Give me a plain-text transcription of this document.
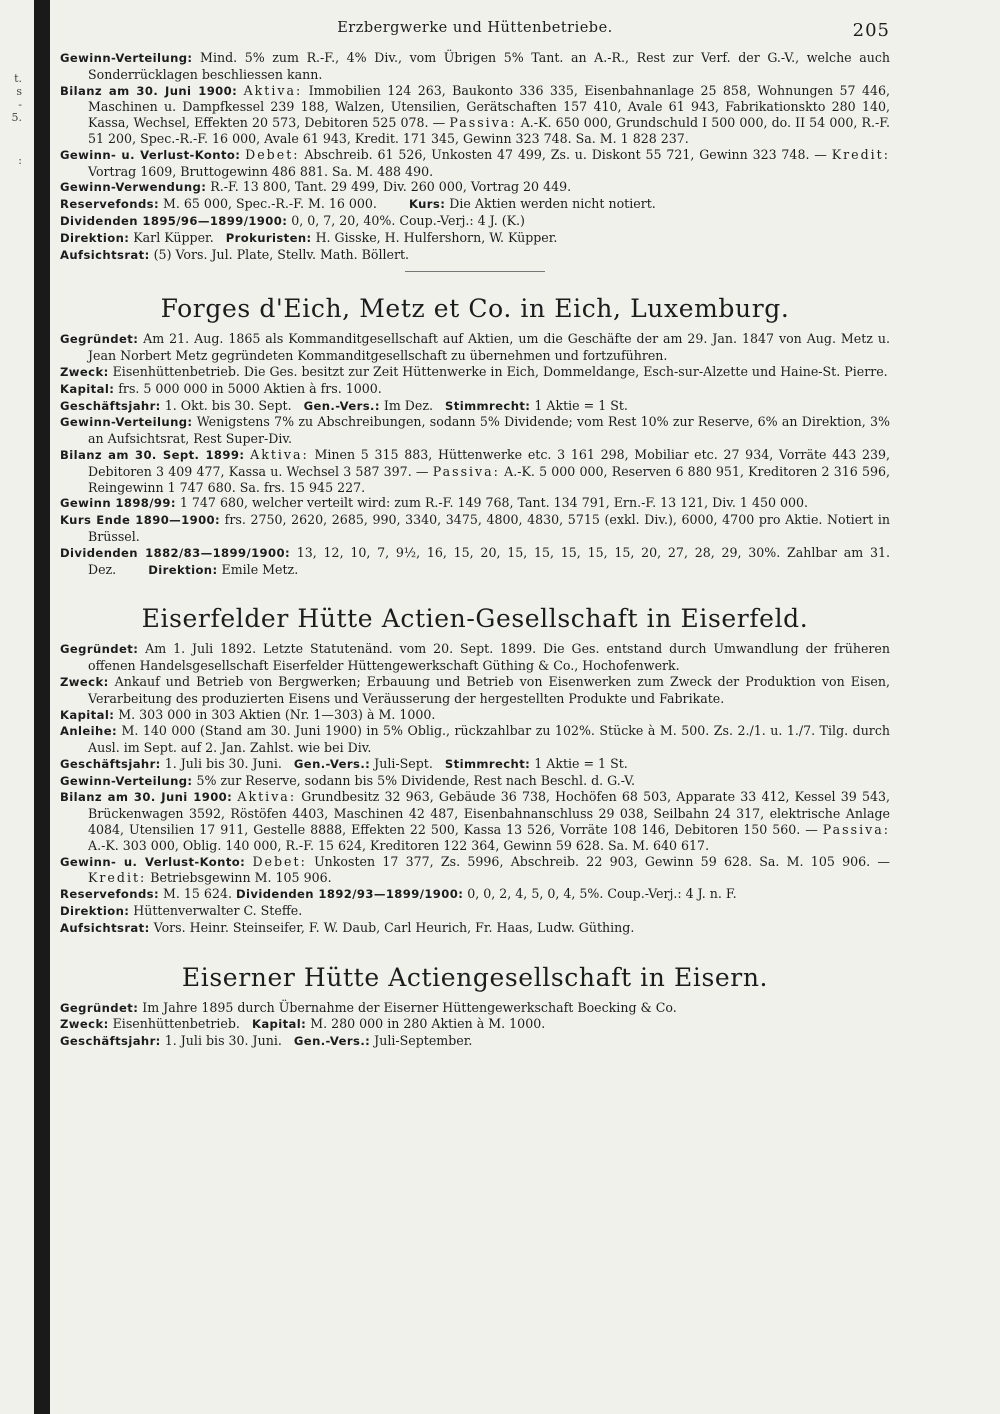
t.
s
-
5.
:
Erzbergwerke und Hüttenbetriebe.	205

Gewinn-Verteilung: Mind. 5% zum R.-F., 4% Div., vom Übrigen 5% Tant. an A.-R., Rest zur Verf. der G.-V., welche auch Sonderrücklagen beschliessen kann.

Bilanz am 30. Juni 1900: Aktiva: Immobilien 124 263, Baukonto 336 335, Eisenbahnanlage 25 858, Wohnungen 57 446, Maschinen u. Dampfkessel 239 188, Walzen, Utensilien, Gerätschaften 157 410, Avale 61 943, Fabrikationskto 280 140, Kassa, Wechsel, Effekten 20 573, Debitoren 525 078. — Passiva: A.-K. 650 000, Grundschuld I 500 000, do. II 54 000, R.-F. 51 200, Spec.-R.-F. 16 000, Avale 61 943, Kredit. 171 345, Gewinn 323 748. Sa. M. 1 828 237.

Gewinn- u. Verlust-Konto: Debet: Abschreib. 61 526, Unkosten 47 499, Zs. u. Diskont 55 721, Gewinn 323 748. — Kredit: Vortrag 1609, Bruttogewinn 486 881. Sa. M. 488 490.

Gewinn-Verwendung: R.-F. 13 800, Tant. 29 499, Div. 260 000, Vortrag 20 449.

Reservefonds: M. 65 000, Spec.-R.-F. M. 16 000.	Kurs: Die Aktien werden nicht notiert.

Dividenden 1895/96—1899/1900: 0, 0, 7, 20, 40%. Coup.-Verj.: 4 J. (K.)

Direktion: Karl Küpper. Prokuristen: H. Gisske, H. Hulfershorn, W. Küpper.

Aufsichtsrat: (5) Vors. Jul. Plate, Stellv. Math. Böllert.

Forges d'Eich, Metz et Co. in Eich, Luxemburg.

Gegründet: Am 21. Aug. 1865 als Kommanditgesellschaft auf Aktien, um die Geschäfte der am 29. Jan. 1847 von Aug. Metz u. Jean Norbert Metz gegründeten Kommanditgesellschaft zu übernehmen und fortzuführen.

Zweck: Eisenhüttenbetrieb. Die Ges. besitzt zur Zeit Hüttenwerke in Eich, Dommeldange, Esch-sur-Alzette und Haine-St. Pierre.

Kapital: frs. 5 000 000 in 5000 Aktien à frs. 1000.

Geschäftsjahr: 1. Okt. bis 30. Sept. Gen.-Vers.: Im Dez. Stimmrecht: 1 Aktie = 1 St.

Gewinn-Verteilung: Wenigstens 7% zu Abschreibungen, sodann 5% Dividende; vom Rest 10% zur Reserve, 6% an Direktion, 3% an Aufsichtsrat, Rest Super-Div.

Bilanz am 30. Sept. 1899: Aktiva: Minen 5 315 883, Hüttenwerke etc. 3 161 298, Mobiliar etc. 27 934, Vorräte 443 239, Debitoren 3 409 477, Kassa u. Wechsel 3 587 397. — Passiva: A.-K. 5 000 000, Reserven 6 880 951, Kreditoren 2 316 596, Reingewinn 1 747 680. Sa. frs. 15 945 227.

Gewinn 1898/99: 1 747 680, welcher verteilt wird: zum R.-F. 149 768, Tant. 134 791, Ern.-F. 13 121, Div. 1 450 000.

Kurs Ende 1890—1900: frs. 2750, 2620, 2685, 990, 3340, 3475, 4800, 4830, 5715 (exkl. Div.), 6000, 4700 pro Aktie. Notiert in Brüssel.

Dividenden 1882/83—1899/1900: 13, 12, 10, 7, 9½, 16, 15, 20, 15, 15, 15, 15, 15, 20, 27, 28, 29, 30%. Zahlbar am 31. Dez.	Direktion: Emile Metz.

Eiserfelder Hütte Actien-Gesellschaft in Eiserfeld.

Gegründet: Am 1. Juli 1892. Letzte Statutenänd. vom 20. Sept. 1899. Die Ges. entstand durch Umwandlung der früheren offenen Handelsgesellschaft Eiserfelder Hüttengewerkschaft Güthing & Co., Hochofenwerk.

Zweck: Ankauf und Betrieb von Bergwerken; Erbauung und Betrieb von Eisenwerken zum Zweck der Produktion von Eisen, Verarbeitung des produzierten Eisens und Veräusserung der hergestellten Produkte und Fabrikate.

Kapital: M. 303 000 in 303 Aktien (Nr. 1—303) à M. 1000.

Anleihe: M. 140 000 (Stand am 30. Juni 1900) in 5% Oblig., rückzahlbar zu 102%. Stücke à M. 500. Zs. 2./1. u. 1./7. Tilg. durch Ausl. im Sept. auf 2. Jan. Zahlst. wie bei Div.

Geschäftsjahr: 1. Juli bis 30. Juni. Gen.-Vers.: Juli-Sept. Stimmrecht: 1 Aktie = 1 St.

Gewinn-Verteilung: 5% zur Reserve, sodann bis 5% Dividende, Rest nach Beschl. d. G.-V.

Bilanz am 30. Juni 1900: Aktiva: Grundbesitz 32 963, Gebäude 36 738, Hochöfen 68 503, Apparate 33 412, Kessel 39 543, Brückenwagen 3592, Röstöfen 4403, Maschinen 42 487, Eisenbahnanschluss 29 038, Seilbahn 24 317, elektrische Anlage 4084, Utensilien 17 911, Gestelle 8888, Effekten 22 500, Kassa 13 526, Vorräte 108 146, Debitoren 150 560. — Passiva: A.-K. 303 000, Oblig. 140 000, R.-F. 15 624, Kreditoren 122 364, Gewinn 59 628. Sa. M. 640 617.

Gewinn- u. Verlust-Konto: Debet: Unkosten 17 377, Zs. 5996, Abschreib. 22 903, Gewinn 59 628. Sa. M. 105 906. — Kredit: Betriebsgewinn M. 105 906.

Reservefonds: M. 15 624. Dividenden 1892/93—1899/1900: 0, 0, 2, 4, 5, 0, 4, 5%. Coup.-Verj.: 4 J. n. F.

Direktion: Hüttenverwalter C. Steffe.

Aufsichtsrat: Vors. Heinr. Steinseifer, F. W. Daub, Carl Heurich, Fr. Haas, Ludw. Güthing.

Eiserner Hütte Actiengesellschaft in Eisern.

Gegründet: Im Jahre 1895 durch Übernahme der Eiserner Hüttengewerkschaft Boecking & Co.

Zweck: Eisenhüttenbetrieb. Kapital: M. 280 000 in 280 Aktien à M. 1000.

Geschäftsjahr: 1. Juli bis 30. Juni. Gen.-Vers.: Juli-September.
